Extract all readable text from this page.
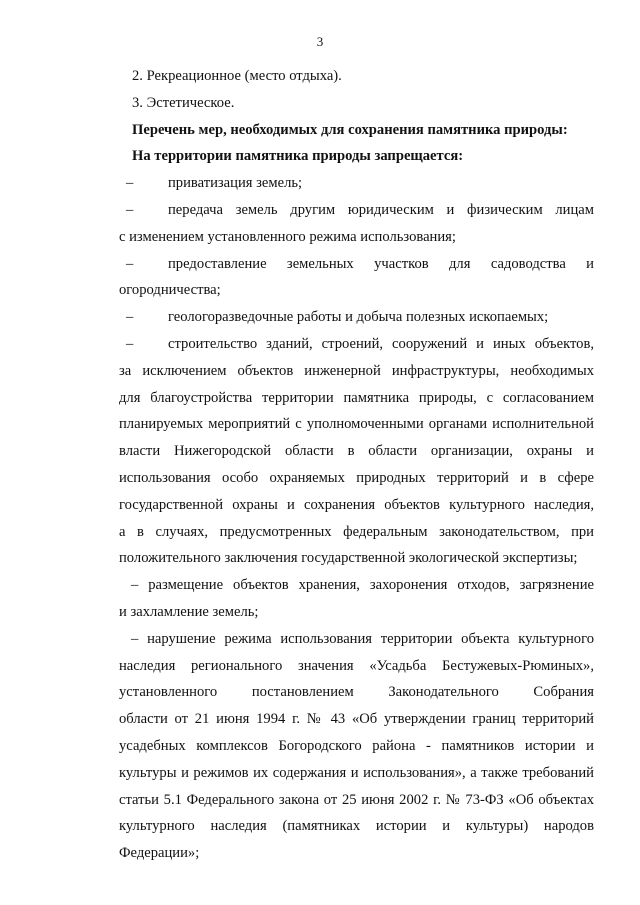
3
2. Рекреационное (место отдыха).
3. Эстетическое.
Перечень мер, необходимых для сохранения памятника природы:
На территории памятника природы запрещается:
–	приватизация земель;
–	передача земель другим юридическим и физическим лицам
с изменением установленного режима использования;
–	предоставление земельных участков для садоводства и
огородничества;
–	геологоразведочные работы и добыча полезных ископаемых;
–	строительство зданий, строений, сооружений и иных объектов,
за исключением объектов инженерной инфраструктуры, необходимых
для благоустройства территории памятника природы, с согласованием
планируемых мероприятий с уполномоченными органами исполнительной
власти Нижегородской области в области организации, охраны и
использования особо охраняемых природных территорий и в сфере
государственной охраны и сохранения объектов культурного наследия,
а в случаях, предусмотренных федеральным законодательством, при
положительного заключения государственной экологической экспертизы;
– размещение объектов хранения, захоронения отходов, загрязнение
и захламление земель;
– нарушение режима использования территории объекта культурного
наследия регионального значения «Усадьба Бестужевых-Рюминых»,
установленного постановлением Законодательного Собрания
области от 21 июня 1994 г. № 43 «Об утверждении границ территорий
усадебных комплексов Богородского района - памятников истории и
культуры и режимов их содержания и использования», а также требований
статьи 5.1 Федерального закона от 25 июня 2002 г. № 73-ФЗ «Об объектах
культурного наследия (памятниках истории и культуры) народов
Федерации»;
